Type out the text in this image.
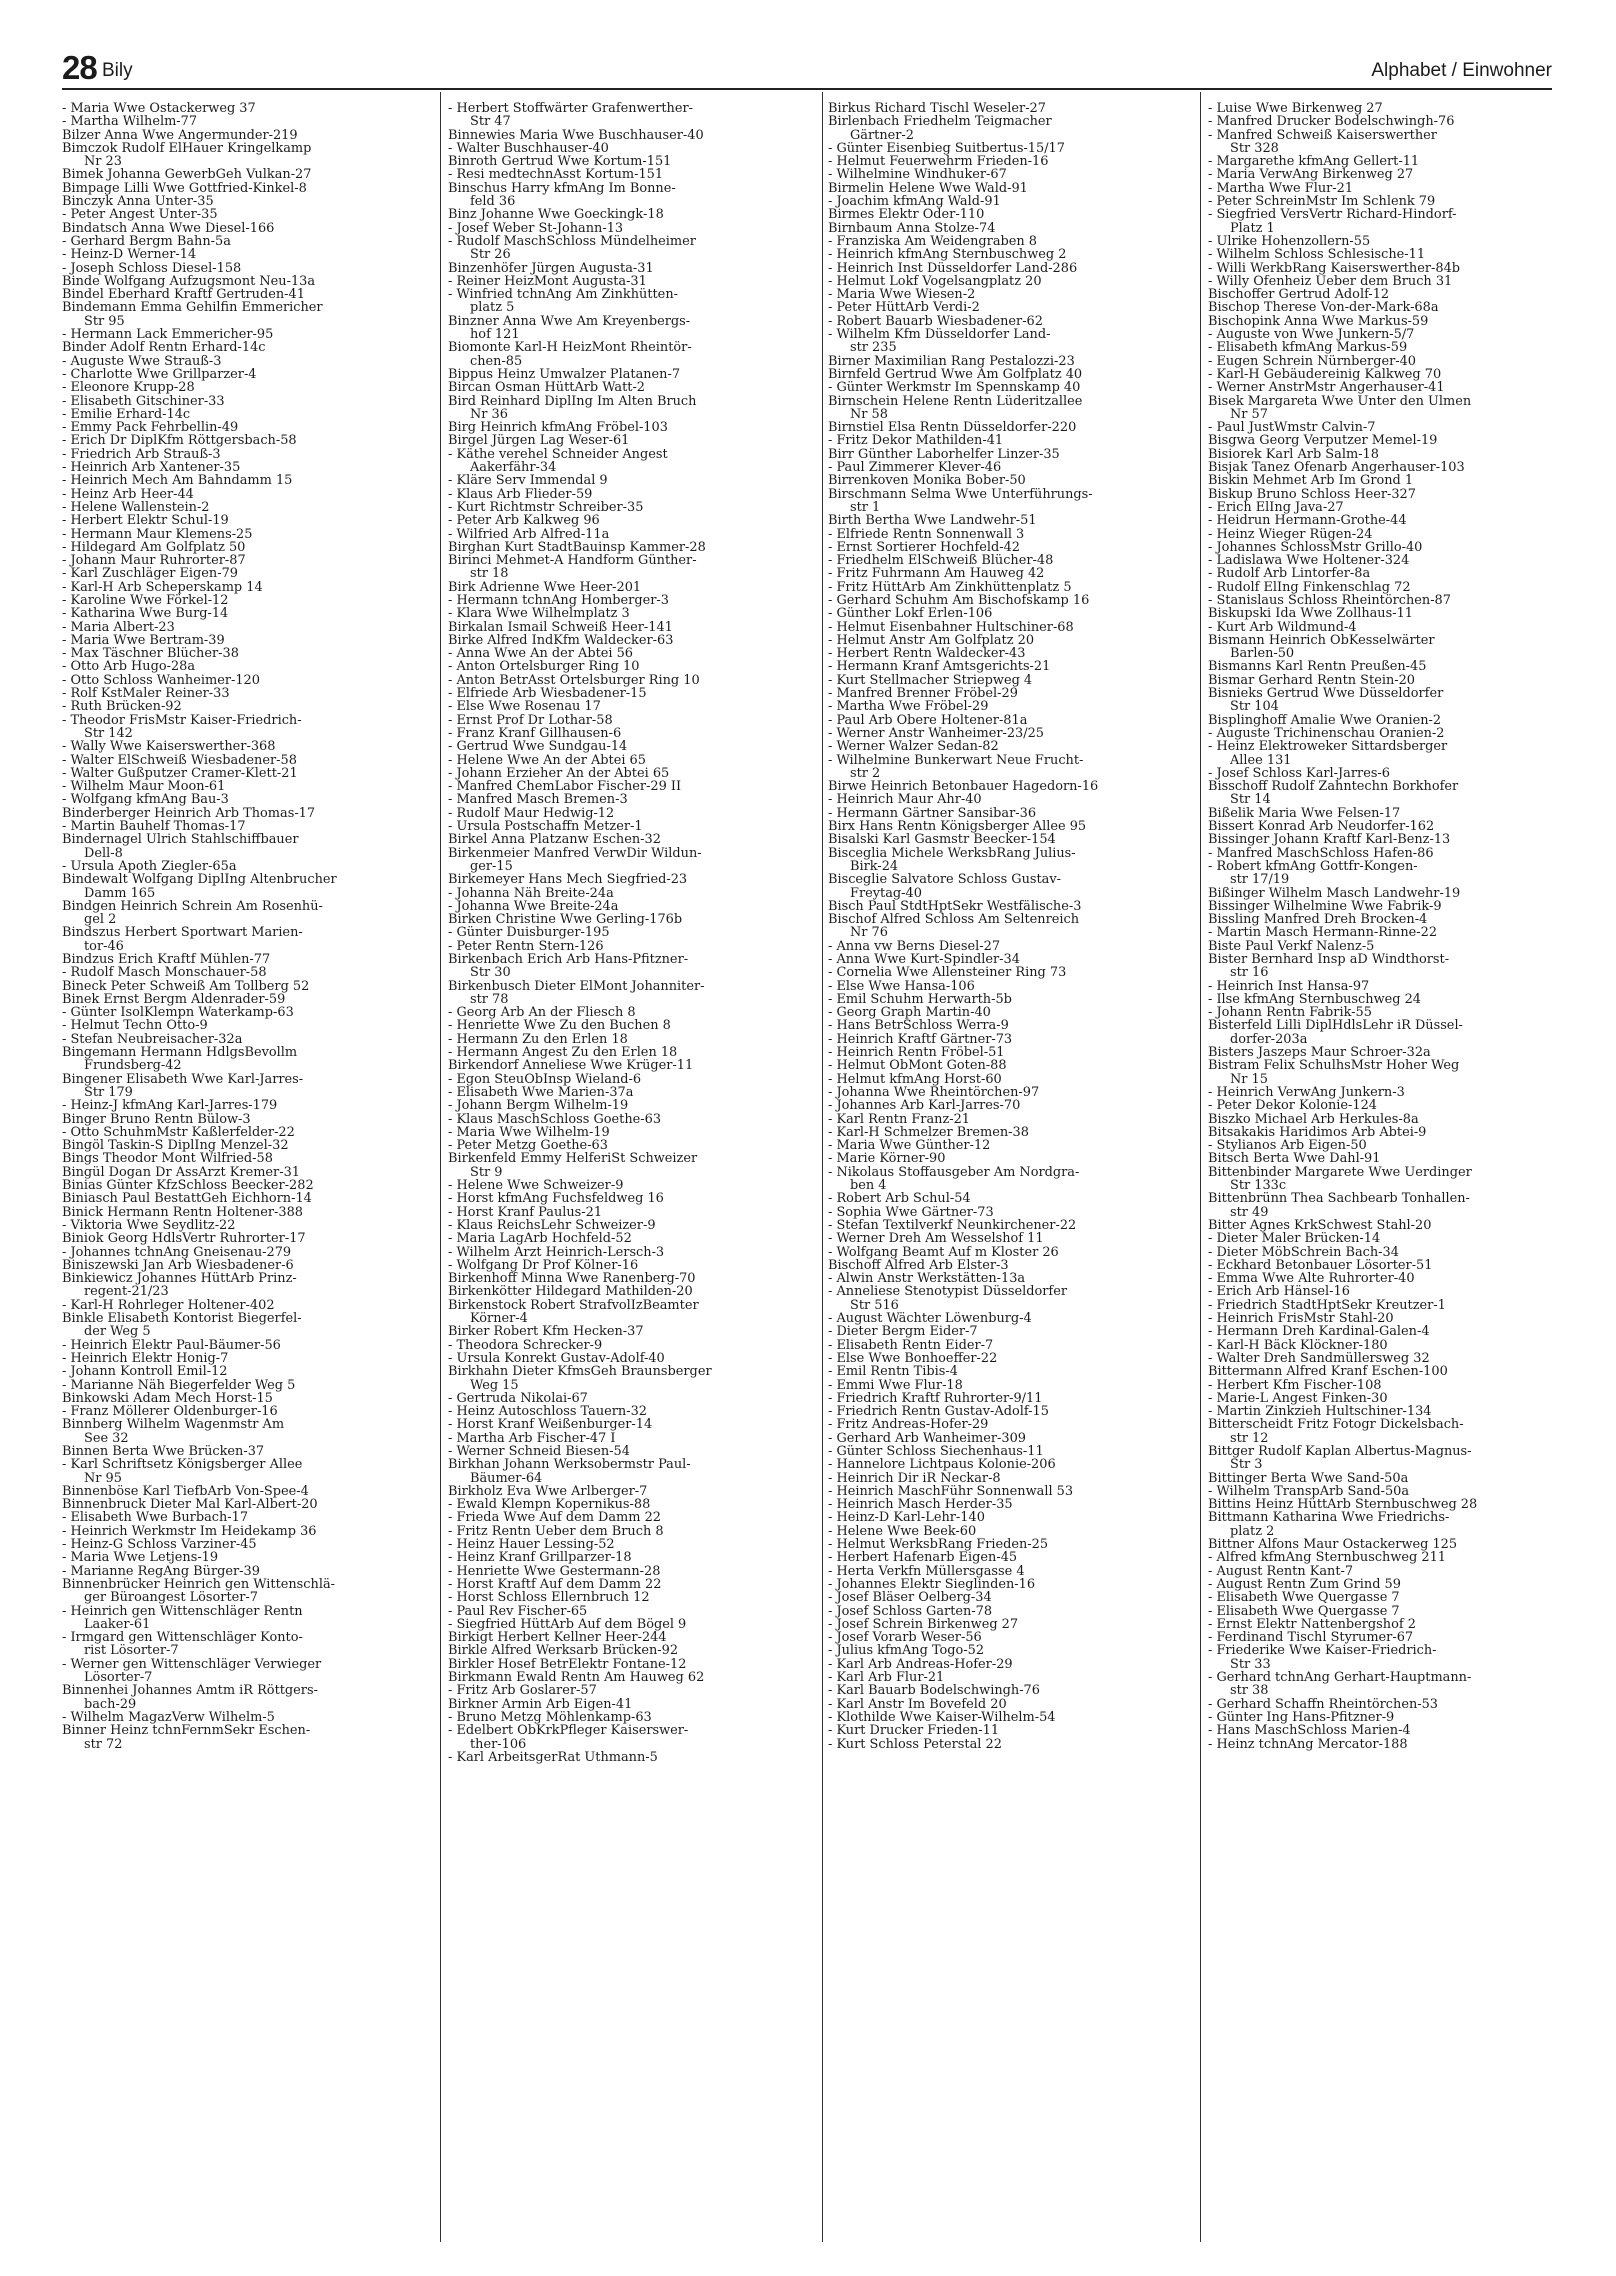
28 Bily	Alphabet / Einwohner

- Maria Wwe Ostackerweg 37

- Martha Wilhelm-77

Bilzer Anna Wwe Angermunder-219

Bimczok Rudolf ElHauer Kringelkamp

Nr 23

Bimek Johanna GewerbGeh Vulkan-27

Bimpage Lilli Wwe Gottfried-Kinkel-8

Binczyk Anna Unter-35

- Peter Angest Unter-35

Bindatsch Anna Wwe Diesel-166

- Gerhard Bergm Bahn-5a

- Heinz-D Werner-14

- Joseph Schloss Diesel-158

Binde Wolfgang Aufzugsmont Neu-13a

Bindel Eberhard Kraftf Gertruden-41

Bindemann Emma Gehilfin Emmericher

Str 95

- Hermann Lack Emmericher-95

Binder Adolf Rentn Erhard-14c

- Auguste Wwe Strauß-3

- Charlotte Wwe Grillparzer-4

- Eleonore Krupp-28

- Elisabeth Gitschiner-33

- Emilie Erhard-14c

- Emmy Pack Fehrbellin-49

- Erich Dr DiplKfm Röttgersbach-58

- Friedrich Arb Strauß-3

- Heinrich Arb Xantener-35

- Heinrich Mech Am Bahndamm 15

- Heinz Arb Heer-44

- Helene Wallenstein-2

- Herbert Elektr Schul-19

- Hermann Maur Klemens-25

- Hildegard Am Golfplatz 50

- Johann Maur Ruhrorter-87

- Karl Zuschläger Eigen-79

- Karl-H Arb Scheperskamp 14

- Karoline Wwe Förkel-12

- Katharina Wwe Burg-14

- Maria Albert-23

- Maria Wwe Bertram-39

- Max Täschner Blücher-38

- Otto Arb Hugo-28a

- Otto Schloss Wanheimer-120

- Rolf KstMaler Reiner-33

- Ruth Brücken-92

- Theodor FrisMstr Kaiser-Friedrich-

Str 142

- Wally Wwe Kaiserswerther-368

- Walter ElSchweiß Wiesbadener-58

- Walter Gußputzer Cramer-Klett-21

- Wilhelm Maur Moon-61

- Wolfgang kfmAng Bau-3

Binderberger Heinrich Arb Thomas-17

- Martin Bauhelf Thomas-17

Bindernagel Ulrich Stahlschiffbauer

Dell-8

- Ursula Apoth Ziegler-65a

Bindewalt Wolfgang DiplIng Altenbrucher

Damm 165

Bindgen Heinrich Schrein Am Rosenhü-

gel 2

Bindszus Herbert Sportwart Marien-

tor-46

Bindzus Erich Kraftf Mühlen-77

- Rudolf Masch Monschauer-58

Bineck Peter Schweiß Am Tollberg 52

Binek Ernst Bergm Aldenrader-59

- Günter IsolKlempn Waterkamp-63

- Helmut Techn Otto-9

- Stefan Neubreisacher-32a

Bingemann Hermann HdlgsBevollm

Frundsberg-42

Bingener Elisabeth Wwe Karl-Jarres-

Str 179

- Heinz-J kfmAng Karl-Jarres-179

Binger Bruno Rentn Bülow-3

- Otto SchuhmMstr Kaßlerfelder-22

Bingöl Taskin-S DiplIng Menzel-32

Bings Theodor Mont Wilfried-58

Bingül Dogan Dr AssArzt Kremer-31

Binias Günter KfzSchloss Beecker-282

Biniasch Paul BestattGeh Eichhorn-14

Binick Hermann Rentn Holtener-388

- Viktoria Wwe Seydlitz-22

Biniok Georg HdlsVertr Ruhrorter-17

- Johannes tchnAng Gneisenau-279

Biniszewski Jan Arb Wiesbadener-6

Binkiewicz Johannes HüttArb Prinz-

regent-21/23

- Karl-H Rohrleger Holtener-402

Binkle Elisabeth Kontorist Biegerfel-

der Weg 5

- Heinrich Elektr Paul-Bäumer-56

- Heinrich Elektr Honig-7

- Johann Kontroll Emil-12

- Marianne Näh Biegerfelder Weg 5

Binkowski Adam Mech Horst-15

- Franz Möllerer Oldenburger-16

Binnberg Wilhelm Wagenmstr Am

See 32

Binnen Berta Wwe Brücken-37

- Karl Schriftsetz Königsberger Allee

Nr 95

Binnenböse Karl TiefbArb Von-Spee-4

Binnenbruck Dieter Mal Karl-Albert-20

- Elisabeth Wwe Burbach-17

- Heinrich Werkmstr Im Heidekamp 36

- Heinz-G Schloss Varziner-45

- Maria Wwe Letjens-19

- Marianne RegAng Bürger-39

Binnenbrücker Heinrich gen Wittenschlä-

ger Büroangest Lösorter-7

- Heinrich gen Wittenschläger Rentn

Laaker-61

- Irmgard gen Wittenschläger Konto-

rist Lösorter-7

- Werner gen Wittenschläger Verwieger

Lösorter-7

Binnenhei Johannes Amtm iR Röttgers-

bach-29

- Wilhelm MagazVerw Wilhelm-5

Binner Heinz tchnFernmSekr Eschen-

str 72

- Herbert Stoffwärter Grafenwerther-

Str 47

Binnewies Maria Wwe Buschhauser-40

- Walter Buschhauser-40

Binroth Gertrud Wwe Kortum-151

- Resi medtechnAsst Kortum-151

Binschus Harry kfmAng Im Bonne-

feld 36

Binz Johanne Wwe Goeckingk-18

- Josef Weber St-Johann-13

- Rudolf MaschSchloss Mündelheimer

Str 26

Binzenhöfer Jürgen Augusta-31

- Reiner HeizMont Augusta-31

- Winfried tchnAng Am Zinkhütten-

platz 5

Binzner Anna Wwe Am Kreyenbergs-

hof 121

Biomonte Karl-H HeizMont Rheintör-

chen-85

Bippus Heinz Umwalzer Platanen-7

Bircan Osman HüttArb Watt-2

Bird Reinhard DiplIng Im Alten Bruch

Nr 36

Birg Heinrich kfmAng Fröbel-103

Birgel Jürgen Lag Weser-61

- Käthe verehel Schneider Angest

Aakerfähr-34

- Kläre Serv Immendal 9

- Klaus Arb Flieder-59

- Kurt Richtmstr Schreiber-35

- Peter Arb Kalkweg 96

- Wilfried Arb Alfred-11a

Birghan Kurt StadtBauinsp Kammer-28

Birinci Mehmet-A Handform Günther-

str 18

Birk Adrienne Wwe Heer-201

- Hermann tchnAng Homberger-3

- Klara Wwe Wilhelmplatz 3

Birkalan Ismail Schweiß Heer-141

Birke Alfred IndKfm Waldecker-63

- Anna Wwe An der Abtei 56

- Anton Ortelsburger Ring 10

- Anton BetrAsst Ortelsburger Ring 10

- Elfriede Arb Wiesbadener-15

- Else Wwe Rosenau 17

- Ernst Prof Dr Lothar-58

- Franz Kranf Gillhausen-6

- Gertrud Wwe Sundgau-14

- Helene Wwe An der Abtei 65

- Johann Erzieher An der Abtei 65

- Manfred ChemLabor Fischer-29 II

- Manfred Masch Bremen-3

- Rudolf Maur Hedwig-12

- Ursula Postschaffn Metzer-1

Birkel Anna Platzanw Eschen-32

Birkenmeier Manfred VerwDir Wildun-

ger-15

Birkemeyer Hans Mech Siegfried-23

- Johanna Näh Breite-24a

- Johanna Wwe Breite-24a

Birken Christine Wwe Gerling-176b

- Günter Duisburger-195

- Peter Rentn Stern-126

Birkenbach Erich Arb Hans-Pfitzner-

Str 30

Birkenbusch Dieter ElMont Johanniter-

str 78

- Georg Arb An der Fliesch 8

- Henriette Wwe Zu den Buchen 8

- Hermann Zu den Erlen 18

- Hermann Angest Zu den Erlen 18

Birkendorf Anneliese Wwe Krüger-11

- Egon SteuObInsp Wieland-6

- Elisabeth Wwe Marien-37a

- Johann Bergm Wilhelm-19

- Klaus MaschSchloss Goethe-63

- Maria Wwe Wilhelm-19

- Peter Metzg Goethe-63

Birkenfeld Emmy HelferiSt Schweizer

Str 9

- Helene Wwe Schweizer-9

- Horst kfmAng Fuchsfeldweg 16

- Horst Kranf Paulus-21

- Klaus ReichsLehr Schweizer-9

- Maria LagArb Hochfeld-52

- Wilhelm Arzt Heinrich-Lersch-3

- Wolfgang Dr Prof Kölner-16

Birkenhoff Minna Wwe Ranenberg-70

Birkenkötter Hildegard Mathilden-20

Birkenstock Robert StrafvolIzBeamter

Körner-4

Birker Robert Kfm Hecken-37

- Theodora Schrecker-9

- Ursula Konrekt Gustav-Adolf-40

Birkhahn Dieter KfmsGeh Braunsberger

Weg 15

- Gertruda Nikolai-67

- Heinz Autoschloss Tauern-32

- Horst Kranf Weißenburger-14

- Martha Arb Fischer-47 I

- Werner Schneid Biesen-54

Birkhan Johann Werksobermstr Paul-

Bäumer-64

Birkholz Eva Wwe Arlberger-7

- Ewald Klempn Kopernikus-88

- Frieda Wwe Auf dem Damm 22

- Fritz Rentn Ueber dem Bruch 8

- Heinz Hauer Lessing-52

- Heinz Kranf Grillparzer-18

- Henriette Wwe Gestermann-28

- Horst Kraftf Auf dem Damm 22

- Horst Schloss Ellernbruch 12

- Paul Rev Fischer-65

- Siegfried HüttArb Auf dem Bögel 9

Birkigt Herbert Kellner Heer-244

Birkle Alfred Werksarb Brücken-92

Birkler Hosef BetrElektr Fontane-12

Birkmann Ewald Rentn Am Hauweg 62

- Fritz Arb Goslarer-57

Birkner Armin Arb Eigen-41

- Bruno Metzg Möhlenkamp-63

- Edelbert ObKrkPfleger Kaiserswer-

ther-106

- Karl ArbeitsgerRat Uthmann-5

Birkus Richard Tischl Weseler-27

Birlenbach Friedhelm Teigmacher

Gärtner-2

- Günter Eisenbieg Suitbertus-15/17

- Helmut Feuerwehrm Frieden-16

- Wilhelmine Windhuker-67

Birmelin Helene Wwe Wald-91

- Joachim kfmAng Wald-91

Birmes Elektr Oder-110

Birnbaum Anna Stolze-74

- Franziska Am Weidengraben 8

- Heinrich kfmAng Sternbuschweg 2

- Heinrich Inst Düsseldorfer Land-286

- Helmut Lokf Vogelsangplatz 20

- Maria Wwe Wiesen-2

- Peter HüttArb Verdi-2

- Robert Bauarb Wiesbadener-62

- Wilhelm Kfm Düsseldorfer Land-

str 235

Birner Maximilian Rang Pestalozzi-23

Birnfeld Gertrud Wwe Am Golfplatz 40

- Günter Werkmstr Im Spennskamp 40

Birnschein Helene Rentn Lüderitzallee

Nr 58

Birnstiel Elsa Rentn Düsseldorfer-220

- Fritz Dekor Mathilden-41

Birr Günther Laborhelfer Linzer-35

- Paul Zimmerer Klever-46

Birrenkoven Monika Bober-50

Birschmann Selma Wwe Unterführungs-

str 1

Birth Bertha Wwe Landwehr-51

- Elfriede Rentn Sonnenwall 3

- Ernst Sortierer Hochfeld-42

- Friedhelm ElSchweiß Blücher-48

- Fritz Fuhrmann Am Hauweg 42

- Fritz HüttArb Am Zinkhüttenplatz 5

- Gerhard Schuhm Am Bischofskamp 16

- Günther Lokf Erlen-106

- Helmut Eisenbahner Hultschiner-68

- Helmut Anstr Am Golfplatz 20

- Herbert Rentn Waldecker-43

- Hermann Kranf Amtsgerichts-21

- Kurt Stellmacher Striepweg 4

- Manfred Brenner Fröbel-29

- Martha Wwe Fröbel-29

- Paul Arb Obere Holtener-81a

- Werner Anstr Wanheimer-23/25

- Werner Walzer Sedan-82

- Wilhelmine Bunkerwart Neue Frucht-

str 2

Birwe Heinrich Betonbauer Hagedorn-16

- Heinrich Maur Ahr-40

- Hermann Gärtner Sansibar-36

Birx Hans Rentn Königsberger Allee 95

Bisalski Karl Gasmstr Beecker-154

Bisceglia Michele WerksbRang Julius-

Birk-24

Bisceglie Salvatore Schloss Gustav-

Freytag-40

Bisch Paul StdtHptSekr Westfälische-3

Bischof Alfred Schloss Am Seltenreich

Nr 76

- Anna vw Berns Diesel-27

- Anna Wwe Kurt-Spindler-34

- Cornelia Wwe Allensteiner Ring 73

- Else Wwe Hansa-106

- Emil Schuhm Herwarth-5b

- Georg Graph Martin-40

- Hans BetrSchloss Werra-9

- Heinrich Kraftf Gärtner-73

- Heinrich Rentn Fröbel-51

- Helmut ObMont Goten-88

- Helmut kfmAng Horst-60

- Johanna Wwe Rheintörchen-97

- Johannes Arb Karl-Jarres-70

- Karl Rentn Franz-21

- Karl-H Schmelzer Bremen-38

- Maria Wwe Günther-12

- Marie Körner-90

- Nikolaus Stoffausgeber Am Nordgra-

ben 4

- Robert Arb Schul-54

- Sophia Wwe Gärtner-73

- Stefan Textilverkf Neunkirchener-22

- Werner Dreh Am Wesselshof 11

- Wolfgang Beamt Auf m Kloster 26

Bischoff Alfred Arb Elster-3

- Alwin Anstr Werkstätten-13a

- Anneliese Stenotypist Düsseldorfer

Str 516

- August Wächter Löwenburg-4

- Dieter Bergm Eider-7

- Elisabeth Rentn Eider-7

- Else Wwe Bonhoeffer-22

- Emil Rentn Tibis-4

- Emmi Wwe Flur-18

- Friedrich Kraftf Ruhrorter-9/11

- Friedrich Rentn Gustav-Adolf-15

- Fritz Andreas-Hofer-29

- Gerhard Arb Wanheimer-309

- Günter Schloss Siechenhaus-11

- Hannelore Lichtpaus Kolonie-206

- Heinrich Dir iR Neckar-8

- Heinrich MaschFühr Sonnenwall 53

- Heinrich Masch Herder-35

- Heinz-D Karl-Lehr-140

- Helene Wwe Beek-60

- Helmut WerksbRang Frieden-25

- Herbert Hafenarb Eigen-45

- Herta Verkfn Müllersgasse 4

- Johannes Elektr Sieglinden-16

- Josef Bläser Oelberg-34

- Josef Schloss Garten-78

- Josef Schrein Birkenweg 27

- Josef Vorarb Weser-56

- Julius kfmAng Togo-52

- Karl Arb Andreas-Hofer-29

- Karl Arb Flur-21

- Karl Bauarb Bodelschwingh-76

- Karl Anstr Im Bovefeld 20

- Klothilde Wwe Kaiser-Wilhelm-54

- Kurt Drucker Frieden-11

- Kurt Schloss Peterstal 22

- Luise Wwe Birkenweg 27

- Manfred Drucker Bodelschwingh-76

- Manfred Schweiß Kaiserswerther

Str 328

- Margarethe kfmAng Gellert-11

- Maria VerwAng Birkenweg 27

- Martha Wwe Flur-21

- Peter SchreinMstr Im Schlenk 79

- Siegfried VersVertr Richard-Hindorf-

Platz 1

- Ulrike Hohenzollern-55

- Wilhelm Schloss Schlesische-11

- Willi WerkbRang Kaiserswerther-84b

- Willy Ofenheiz Ueber dem Bruch 31

Bischoffer Gertrud Adolf-12

Bischop Therese Von-der-Mark-68a

Bischopink Anna Wwe Markus-59

- Auguste von Wwe Junkern-5/7

- Elisabeth kfmAng Markus-59

- Eugen Schrein Nürnberger-40

- Karl-H Gebäudereinig Kalkweg 70

- Werner AnstrMstr Angerhauser-41

Bisek Margareta Wwe Unter den Ulmen

Nr 57

- Paul JustWmstr Calvin-7

Bisgwa Georg Verputzer Memel-19

Bisiorek Karl Arb Salm-18

Bisjak Tanez Ofenarb Angerhauser-103

Biskin Mehmet Arb Im Grond 1

Biskup Bruno Schloss Heer-327

- Erich ElIng Java-27

- Heidrun Hermann-Grothe-44

- Heinz Wieger Rügen-24

- Johannes SchlossMstr Grillo-40

- Ladislawa Wwe Holtener-324

- Rudolf Arb Lintorfer-8a

- Rudolf ElIng Finkenschlag 72

- Stanislaus Schloss Rheintörchen-87

Biskupski Ida Wwe Zollhaus-11

- Kurt Arb Wildmund-4

Bismann Heinrich ObKesselwärter

Barlen-50

Bismanns Karl Rentn Preußen-45

Bismar Gerhard Rentn Stein-20

Bisnieks Gertrud Wwe Düsseldorfer

Str 104

Bisplinghoff Amalie Wwe Oranien-2

- Auguste Trichinenschau Oranien-2

- Heinz Elektroweker Sittardsberger

Allee 131

- Josef Schloss Karl-Jarres-6

Bisschoff Rudolf Zahntechn Borkhofer

Str 14

Bißelik Maria Wwe Felsen-17

Bissert Konrad Arb Neudorfer-162

Bissinger Johann Kraftf Karl-Benz-13

- Manfred MaschSchloss Hafen-86

- Robert kfmAng Gottfr-Kongen-

str 17/19

Bißinger Wilhelm Masch Landwehr-19

Bissinger Wilhelmine Wwe Fabrik-9

Bissling Manfred Dreh Brocken-4

- Martin Masch Hermann-Rinne-22

Biste Paul Verkf Nalenz-5

Bister Bernhard Insp aD Windthorst-

str 16

- Heinrich Inst Hansa-97

- Ilse kfmAng Sternbuschweg 24

- Johann Rentn Fabrik-55

Bisterfeld Lilli DiplHdlsLehr iR Düssel-

dorfer-203a

Bisters Jaszeps Maur Schroer-32a

Bistram Felix SchulhsMstr Hoher Weg

Nr 15

- Heinrich VerwAng Junkern-3

- Peter Dekor Kolonie-124

Biszko Michael Arb Herkules-8a

Bitsakakis Haridimos Arb Abtei-9

- Stylianos Arb Eigen-50

Bitsch Berta Wwe Dahl-91

Bittenbinder Margarete Wwe Uerdinger

Str 133c

Bittenbrünn Thea Sachbearb Tonhallen-

str 49

Bitter Agnes KrkSchwest Stahl-20

- Dieter Maler Brücken-14

- Dieter MöbSchrein Bach-34

- Eckhard Betonbauer Lösorter-51

- Emma Wwe Alte Ruhrorter-40

- Erich Arb Hänsel-16

- Friedrich StadtHptSekr Kreutzer-1

- Heinrich FrisMstr Stahl-20

- Hermann Dreh Kardinal-Galen-4

- Karl-H Bäck Klöckner-180

- Walter Dreh Sandmüllersweg 32

Bittermann Alfred Kranf Eschen-100

- Herbert Kfm Fischer-108

- Marie-L Angest Finken-30

- Martin Zinkzieh Hultschiner-134

Bitterscheidt Fritz Fotogr Dickelsbach-

str 12

Bittger Rudolf Kaplan Albertus-Magnus-

Str 3

Bittinger Berta Wwe Sand-50a

- Wilhelm TranspArb Sand-50a

Bittins Heinz HüttArb Sternbuschweg 28

Bittmann Katharina Wwe Friedrichs-

platz 2

Bittner Alfons Maur Ostackerweg 125

- Alfred kfmAng Sternbuschweg 211

- August Rentn Kant-7

- August Rentn Zum Grind 59

- Elisabeth Wwe Quergasse 7

- Elisabeth Wwe Quergasse 7

- Ernst Elektr Nattenbergshof 2

- Ferdinand Tischl Styrumer-67

- Friederike Wwe Kaiser-Friedrich-

Str 33

- Gerhard tchnAng Gerhart-Hauptmann-

str 38

- Gerhard Schaffn Rheintörchen-53

- Günter Ing Hans-Pfitzner-9

- Hans MaschSchloss Marien-4

- Heinz tchnAng Mercator-188
